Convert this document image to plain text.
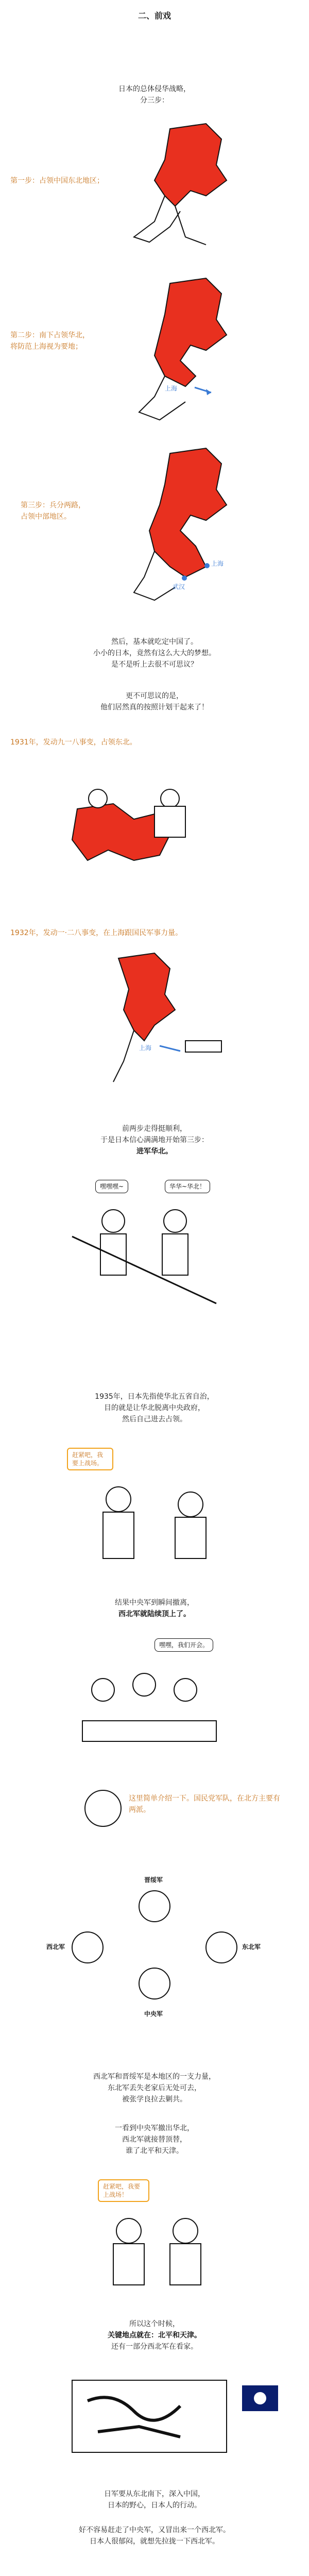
二、前戏
日本的总体侵华战略，
分三步：
第一步：占领中国东北地区；
第二步：南下占领华北，
将防范上海视为要地；
上海
第三步：兵分两路，
占领中部地区。
武汉
上海
然后，基本就吃定中国了。
小小的日本，竟然有这么大大的梦想。
是不是听上去很不可思议？
更不可思议的是，
他们居然真的按照计划干起来了！
1931年，发动九一八事变，占领东北。
1932年，发动一·二八事变，在上海跟国民军事力量。
上海
前两步走得挺顺利，
于是日本信心满满地开始第三步：
进军华北。
嘿嘿嘿~	华华~华北！
1935年，日本先指使华北五省自治，
目的就是让华北脱离中央政府，
然后自己进去占领。
赶紧吧，我要上战场。
结果中央军到瞬间撤离，
西北军就陆续顶上了。
嘿嘿，我们开会。
这里简单介绍一下。国民党军队，在北方主要有两派。
晋绥军
西北军	东北军
中央军
西北军和晋绥军是本地区的一支力量，
东北军丢失老家后无处可去，
被张学良拉去剿共。
一看到中央军撤出华北，
西北军就接替顶替，
谁了北平和天津。
赶紧吧，我要上战场！
所以这个时候，
关键地点就在：北平和天津。
还有一部分西北军在看家。
日军要从东北南下，深入中国，
日本的野心，日本人的行动。
好不容易赶走了中央军，又冒出来一个西北军。
日本人很郁闷，就想先拉拢一下西北军。
